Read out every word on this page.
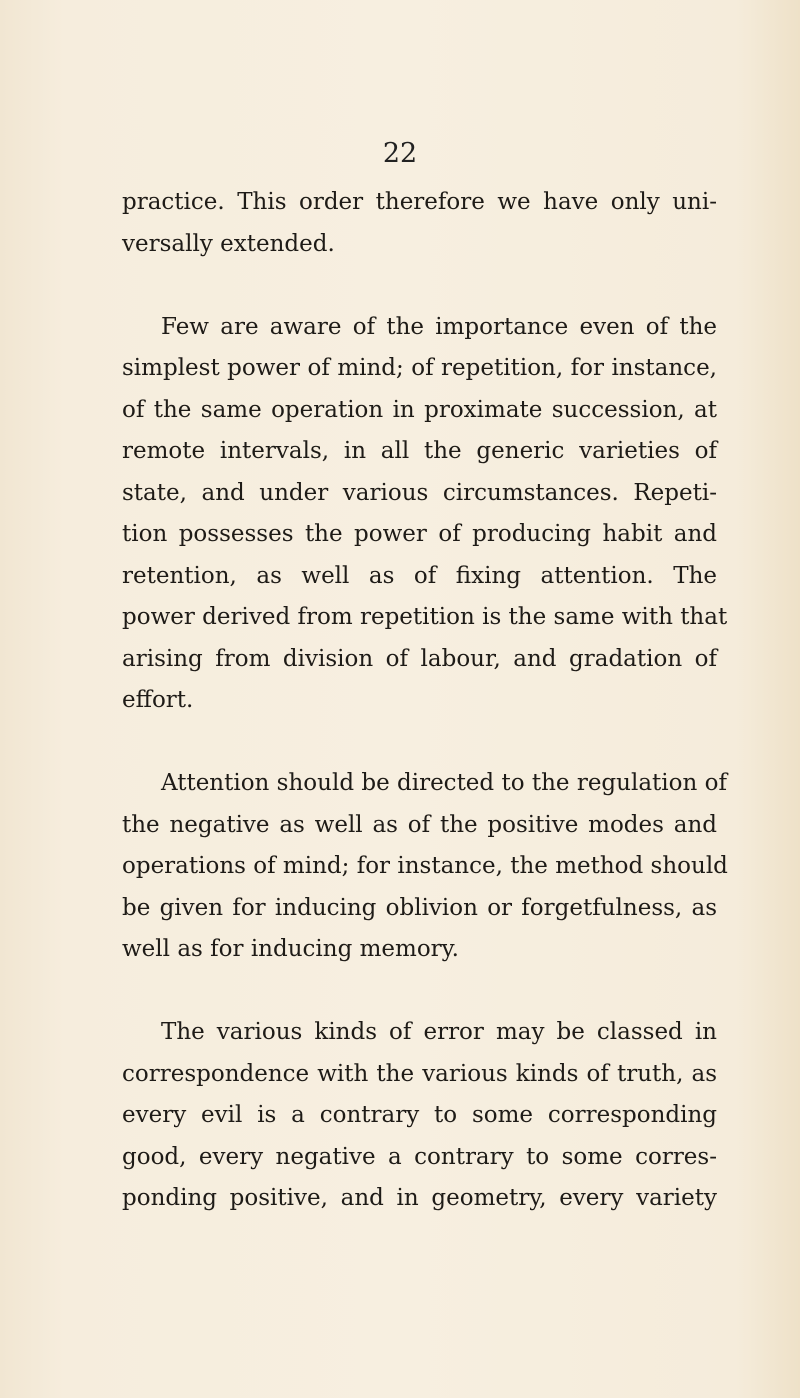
22
practice. This order therefore we have only uni-
versally extended.
Few are aware of the importance even of the
simplest power of mind; of repetition, for instance,
of the same operation in proximate succession, at
remote intervals, in all the generic varieties of
state, and under various circumstances. Repeti-
tion possesses the power of producing habit and
retention, as well as of fixing attention. The
power derived from repetition is the same with that
arising from division of labour, and gradation of
effort.
Attention should be directed to the regulation of
the negative as well as of the positive modes and
operations of mind; for instance, the method should
be given for inducing oblivion or forgetfulness, as
well as for inducing memory.
The various kinds of error may be classed in
correspondence with the various kinds of truth, as
every evil is a contrary to some corresponding
good, every negative a contrary to some corres-
ponding positive, and in geometry, every variety
